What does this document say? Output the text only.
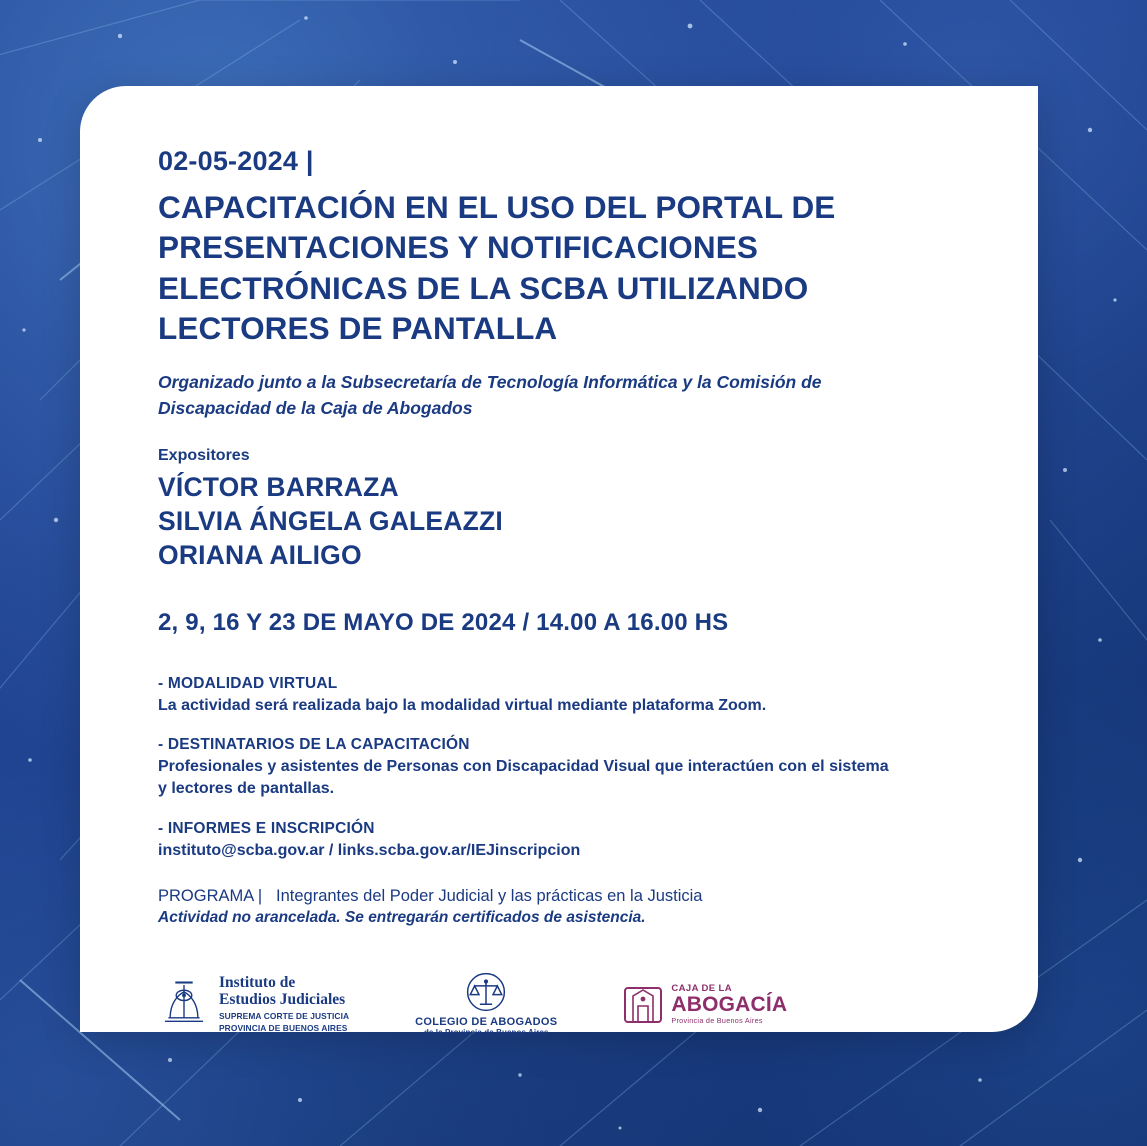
02-05-2024 |
CAPACITACIÓN EN EL USO DEL PORTAL DE PRESENTACIONES Y NOTIFICACIONES ELECTRÓNICAS DE LA SCBA UTILIZANDO LECTORES DE PANTALLA
Organizado junto a la Subsecretaría de Tecnología Informática y la Comisión de Discapacidad de la Caja de Abogados
Expositores
VÍCTOR BARRAZA
SILVIA ÁNGELA GALEAZZI
ORIANA AILIGO
2, 9, 16 Y 23 DE MAYO DE 2024 / 14.00 A 16.00 HS
- MODALIDAD VIRTUAL
La actividad será realizada bajo la modalidad virtual mediante plataforma Zoom.
- DESTINATARIOS DE LA CAPACITACIÓN
Profesionales y asistentes de Personas con Discapacidad Visual que interactúen con el sistema y lectores de pantallas.
- INFORMES E INSCRIPCIÓN
instituto@scba.gov.ar / links.scba.gov.ar/IEJinscripcion
PROGRAMA | Integrantes del Poder Judicial y las prácticas en la Justicia
Actividad no arancelada. Se entregarán certificados de asistencia.
Instituto de
Estudios Judiciales
SUPREMA CORTE DE JUSTICIA
PROVINCIA DE BUENOS AIRES	COLEGIO DE ABOGADOS
de la Provincia de Buenos Aires
CAJA DE LA
ABOGACÍA
Provincia de Buenos Aires
